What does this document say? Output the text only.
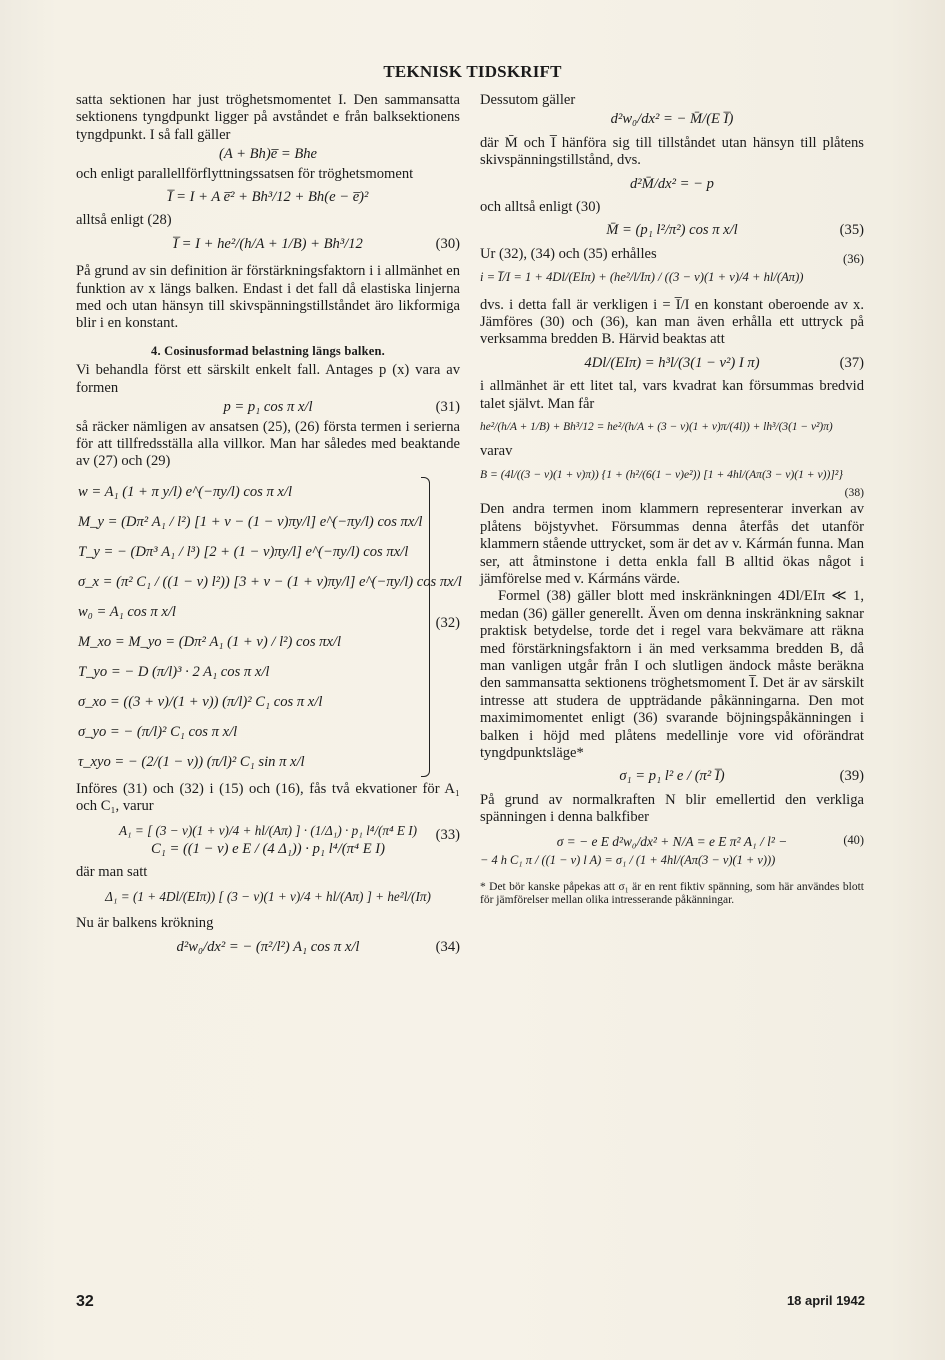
TEKNISK TIDSKRIFT

satta sektionen har just tröghetsmomentet I. Den sammansatta sektionens tyngdpunkt ligger på avståndet e från balksektionens tyngdpunkt. I så fall gäller

(A + Bh)e̅ = Bhe

och enligt parallellförflyttningssatsen för tröghetsmoment

I̅ = I + A e̅² + Bh³/12 + Bh(e − e̅)²

alltså enligt (28)

I̅ = I + he²/(h/A + 1/B) + Bh³/12	(30)

På grund av sin definition är förstärkningsfaktorn i i allmänhet en funktion av x längs balken. Endast i det fall då elastiska linjerna med och utan hänsyn till skivspänningstillståndet äro likformiga blir i en konstant.

4. Cosinusformad belastning längs balken.

Vi behandla först ett särskilt enkelt fall. Antages p (x) vara av formen

p = p₁ cos π x/l	(31)

så räcker nämligen av ansatsen (25), (26) första termen i serierna för att tillfredsställa alla villkor. Man har således med beaktande av (27) och (29)

w = A₁ (1 + π y/l) e^(−πy/l) cos π x/l
M_y = (Dπ² A₁ / l²) [1 + ν − (1 − ν)πy/l] e^(−πy/l) cos πx/l
T_y = − (Dπ³ A₁ / l³) [2 + (1 − ν)πy/l] e^(−πy/l) cos πx/l
σ_x = (π² C₁ / ((1 − ν) l²)) [3 + ν − (1 + ν)πy/l] e^(−πy/l) cos πx/l
w₀ = A₁ cos π x/l
M_xo = M_yo = (Dπ² A₁ (1 + ν) / l²) cos πx/l
T_yo = − D (π/l)³ · 2 A₁ cos π x/l
σ_xo = ((3 + ν)/(1 + ν)) (π/l)² C₁ cos π x/l
σ_yo = − (π/l)² C₁ cos π x/l
τ_xyo = − (2/(1 − ν)) (π/l)² C₁ sin π x/l
(32)

Införes (31) och (32) i (15) och (16), fås två ekvationer för A₁ och C₁, varur

A₁ = [ (3 − ν)(1 + ν)/4 + hl/(Aπ) ] · (1/Δ₁) · p₁ l⁴/(π⁴ E I)
C₁ = ((1 − ν) e E / (4 Δ₁)) · p₁ l⁴/(π⁴ E I)
(33)

där man satt

Δ₁ = (1 + 4Dl/(EIπ)) [ (3 − ν)(1 + ν)/4 + hl/(Aπ) ] + he²l/(Iπ)

Nu är balkens krökning

d²w₀/dx² = − (π²/l²) A₁ cos π x/l	(34)

Dessutom gäller

d²w₀/dx² = − M̄/(E I̅)

där M̄ och I̅ hänföra sig till tillståndet utan hänsyn till plåtens skivspänningstillstånd, dvs.

d²M̄/dx² = − p

och alltså enligt (30)

M̄ = (p₁ l²/π²) cos π x/l	(35)

Ur (32), (34) och (35) erhålles

i = I̅/I = 1 + 4Dl/(EIπ) + (he²/l/Iπ) / ((3 − ν)(1 + ν)/4 + hl/(Aπ))
(36)

dvs. i detta fall är verkligen i = I̅/I en konstant oberoende av x. Jämföres (30) och (36), kan man även erhålla ett uttryck på verksamma bredden B. Härvid beaktas att

4Dl/(EIπ) = h³l/(3(1 − ν²) I π)	(37)

i allmänhet är ett litet tal, vars kvadrat kan försummas bredvid talet självt. Man får

he²/(h/A + 1/B) + Bh³/12 = he²/(h/A + (3 − ν)(1 + ν)π/(4l)) + lh³/(3(1 − ν²)π)

varav

B = (4l/((3 − ν)(1 + ν)π)) {1 + (h²/(6(1 − ν)e²)) [1 + 4hl/(Aπ(3 − ν)(1 + ν))]²}
(38)

Den andra termen inom klammern representerar inverkan av plåtens böjstyvhet. Försummas denna återfås det utanför klammern stående uttrycket, som är det av v. Kármán funna. Man ser, att åtminstone i detta enkla fall B alltid ökas något i jämförelse med v. Kármáns värde.

Formel (38) gäller blott med inskränkningen 4Dl/EIπ ≪ 1, medan (36) gäller generellt. Även om denna inskränkning saknar praktisk betydelse, torde det i regel vara bekvämare att räkna med förstärkningsfaktorn i än med verksamma bredden B, då man vanligen utgår från I och slutligen ändock måste beräkna den sammansatta sektionens tröghetsmoment I̅. Det är av särskilt intresse att studera de uppträdande påkänningarna. Den mot maximimomentet enligt (36) svarande böjningspåkänningen i balken i höjd med plåtens medellinje vore vid oförändrat tyngdpunktsläge*

σ₁ = p₁ l² e / (π² I̅)	(39)

På grund av normalkraften N blir emellertid den verkliga spänningen i denna balkfiber

σ = − e E d²w₀/dx² + N/A = e E π² A₁ / l² −
− 4 h C₁ π / ((1 − ν) l A) = σ₁ / (1 + 4hl/(Aπ(3 − ν)(1 + ν)))
(40)
* Det bör kanske påpekas att σ₁ är en rent fiktiv spänning, som här användes blott för jämförelser mellan olika intresserande påkänningar.
32	18 april 1942
